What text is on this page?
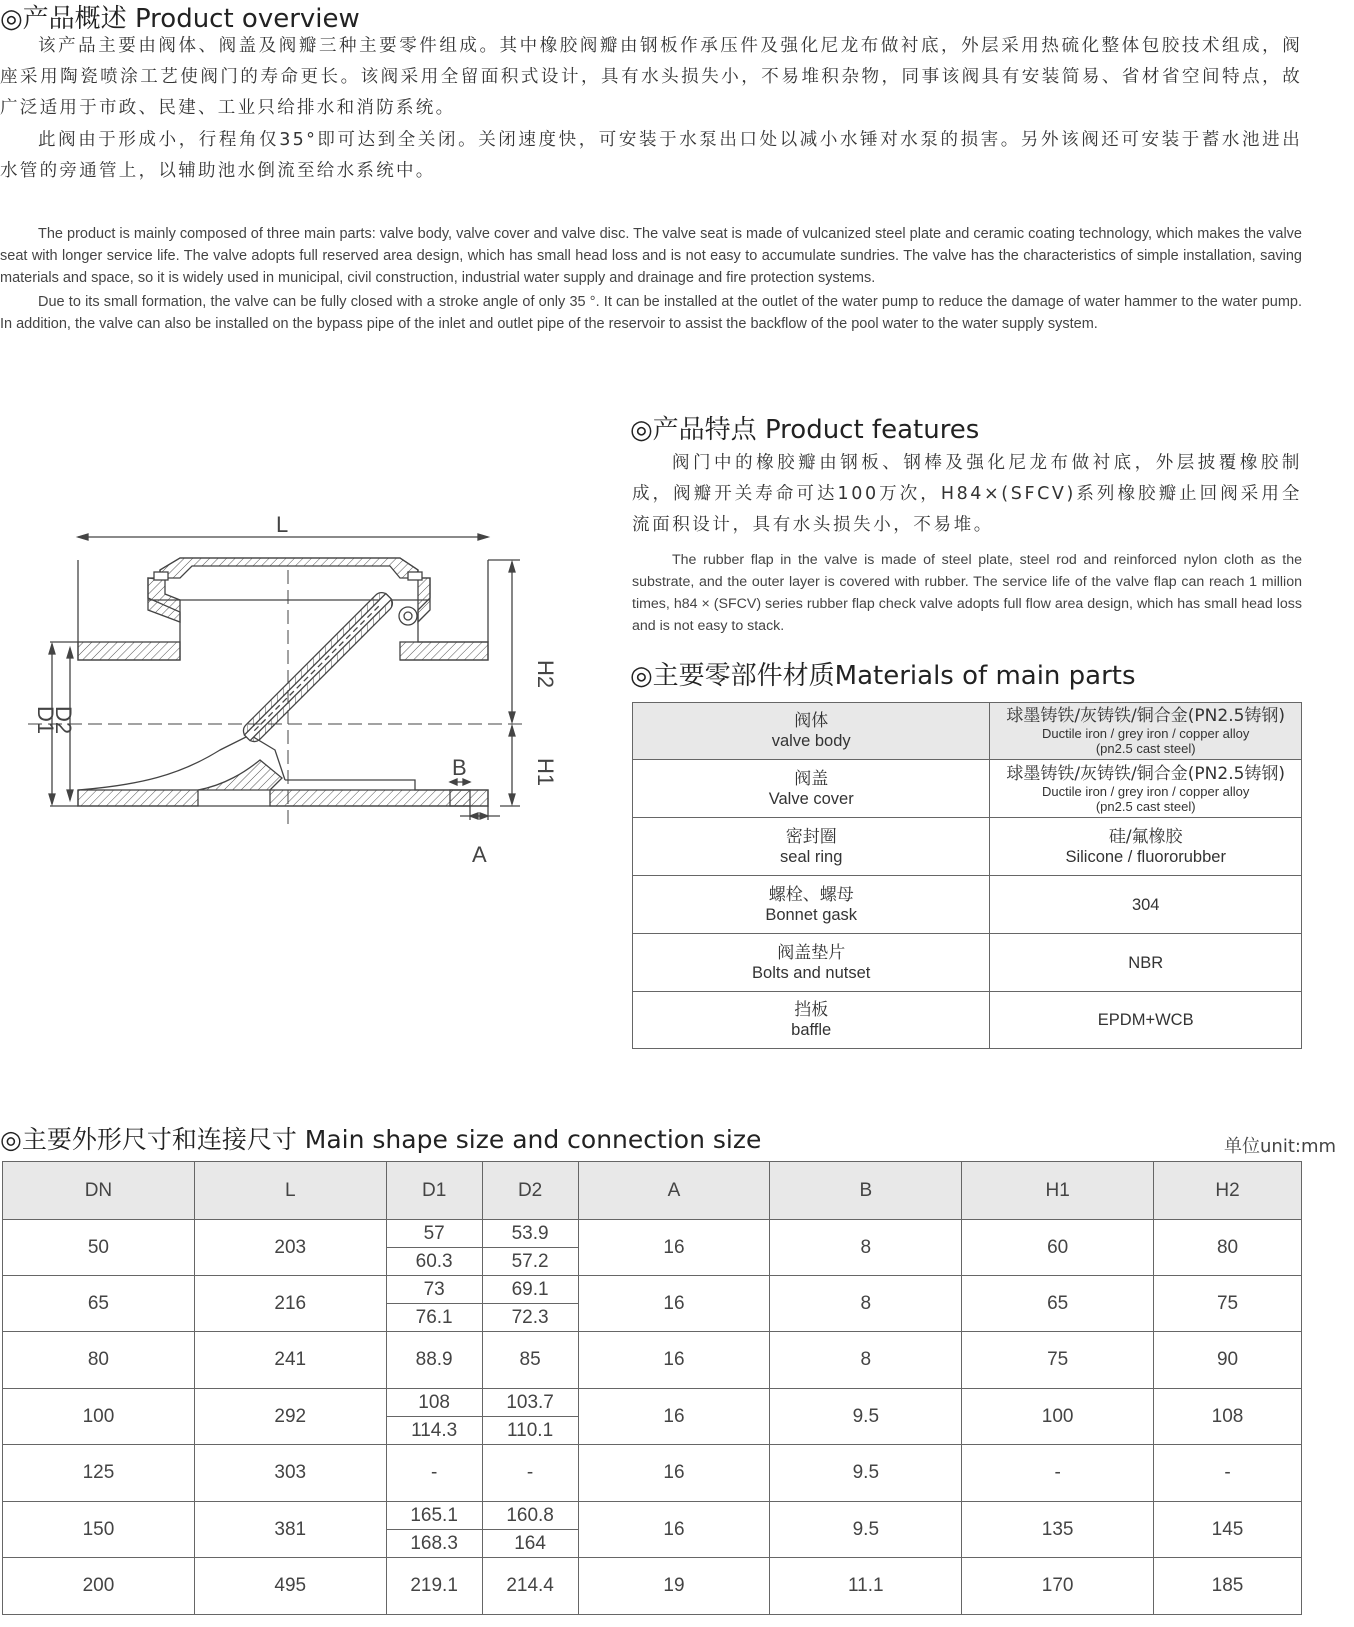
◎产品概述 Product overview
该产品主要由阀体、阀盖及阀瓣三种主要零件组成。其中橡胶阀瓣由钢板作承压件及强化尼龙布做衬底，外层采用热硫化整体包胶技术组成，阀座采用陶瓷喷涂工艺使阀门的寿命更长。该阀采用全留面积式设计，具有水头损失小，不易堆积杂物，同事该阀具有安装简易、省材省空间特点，故广泛适用于市政、民建、工业只给排水和消防系统。
此阀由于形成小，行程角仅35°即可达到全关闭。关闭速度快，可安装于水泵出口处以减小水锤对水泵的损害。另外该阀还可安装于蓄水池进出水管的旁通管上，以辅助池水倒流至给水系统中。
The product is mainly composed of three main parts: valve body, valve cover and valve disc. The valve seat is made of vulcanized steel plate and ceramic coating technology, which makes the valve seat with longer service life. The valve adopts full reserved area design, which has small head loss and is not easy to accumulate sundries. The valve has the characteristics of simple installation, saving materials and space, so it is widely used in municipal, civil construction, industrial water supply and drainage and fire protection systems.
Due to its small formation, the valve can be fully closed with a stroke angle of only 35 °. It can be installed at the outlet of the water pump to reduce the damage of water hammer to the water pump. In addition, the valve can also be installed on the bypass pipe of the inlet and outlet pipe of the reservoir to assist the backflow of the pool water to the water supply system.
L
H2
H1
D2
D1
B
A
◎产品特点 Product features
阀门中的橡胶瓣由钢板、钢棒及强化尼龙布做衬底，外层披覆橡胶制成，阀瓣开关寿命可达100万次，H84×(SFCV)系列橡胶瓣止回阀采用全流面积设计，具有水头损失小，不易堆。
The rubber flap in the valve is made of steel plate, steel rod and reinforced nylon cloth as the substrate, and the outer layer is covered with rubber. The service life of the valve flap can reach 1 million times, h84 × (SFCV) series rubber flap check valve adopts full flow area design, which has small head loss and is not easy to stack.
◎主要零部件材质Materials of main parts
阀体
valve body	球墨铸铁/灰铸铁/铜合金(PN2.5铸钢)
Ductile iron / grey iron / copper alloy
(pn2.5 cast steel)

阀盖
Valve cover	球墨铸铁/灰铸铁/铜合金(PN2.5铸钢)
Ductile iron / grey iron / copper alloy
(pn2.5 cast steel)

密封圈
seal ring	硅/氟橡胶
Silicone / fluororubber

螺栓、螺母
Bonnet gask	304

阀盖垫片
Bolts and nutset	NBR

挡板
baffle	EPDM+WCB
◎主要外形尺寸和连接尺寸 Main shape size and connection size	单位unit:mm
DN	L	D1	D2	A	B	H1	H2
50	203	57	53.9	16	8	60	80
		60.3	57.2				
65	216	73	69.1	16	8	65	75
		76.1	72.3				
80	241	88.9	85	16	8	75	90
100	292	108	103.7	16	9.5	100	108
		114.3	110.1				
125	303	-	-	16	9.5	-	-
150	381	165.1	160.8	16	9.5	135	145
		168.3	164				
200	495	219.1	214.4	19	11.1	170	185
